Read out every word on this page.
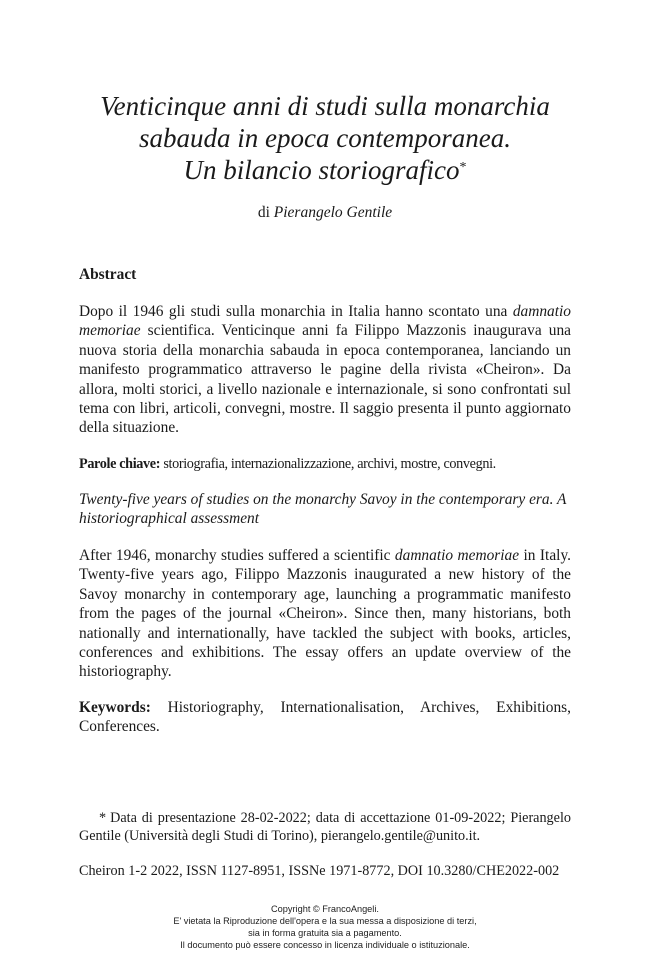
Venticinque anni di studi sulla monarchia
sabauda in epoca contemporanea.
Un bilancio storiografico*
di Pierangelo Gentile
Abstract

Dopo il 1946 gli studi sulla monarchia in Italia hanno scontato una damnatio memoriae scientifica. Venticinque anni fa Filippo Mazzonis inaugurava una nuova storia della monarchia sabauda in epoca contemporanea, lanciando un manifesto programmatico attraverso le pagine della rivista «Cheiron». Da allora, molti storici, a livello nazionale e internazionale, si sono confrontati sul tema con libri, articoli, convegni, mostre. Il saggio presenta il punto aggiornato della situazione.

Parole chiave: storiografia, internazionalizzazione, archivi, mostre, convegni.

Twenty-five years of studies on the monarchy Savoy in the contemporary era. A historiographical assessment

After 1946, monarchy studies suffered a scientific damnatio memoriae in Italy. Twenty-five years ago, Filippo Mazzonis inaugurated a new history of the Savoy monarchy in contemporary age, launching a programmatic manifesto from the pages of the journal «Cheiron». Since then, many historians, both nationally and internationally, have tackled the subject with books, articles, conferences and exhibitions. The essay offers an update overview of the historiography.

Keywords: Historiography, Internationalisation, Archives, Exhibitions, Conferences.

* Data di presentazione 28-02-2022; data di accettazione 01-09-2022; Pierangelo Gentile (Università degli Studi di Torino), pierangelo.gentile@unito.it.

Cheiron 1-2 2022, ISSN 1127-8951, ISSNe 1971-8772, DOI 10.3280/CHE2022-002
Copyright © FrancoAngeli.
E' vietata la Riproduzione dell'opera e la sua messa a disposizione di terzi,
sia in forma gratuita sia a pagamento.
Il documento può essere concesso in licenza individuale o istituzionale.
